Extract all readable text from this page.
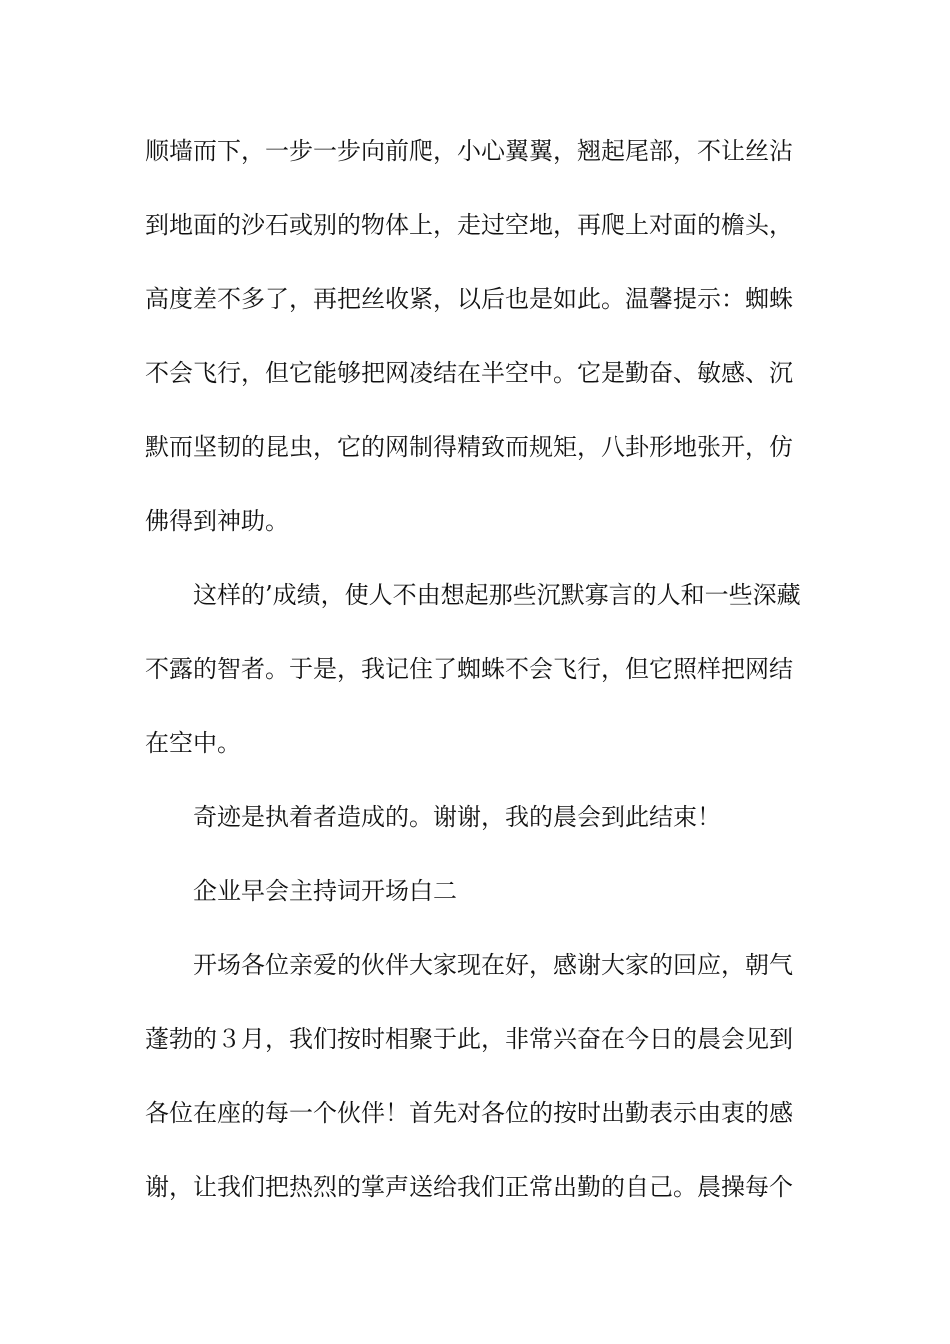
顺墙而下，一步一步向前爬，小心翼翼，翘起尾部，不让丝沾
到地面的沙石或别的物体上，走过空地，再爬上对面的檐头，
高度差不多了，再把丝收紧，以后也是如此。温馨提示：蜘蛛
不会飞行，但它能够把网凌结在半空中。它是勤奋、敏感、沉
默而坚韧的昆虫，它的网制得精致而规矩，八卦形地张开，仿
佛得到神助。
这样的’成绩，使人不由想起那些沉默寡言的人和一些深藏
不露的智者。于是，我记住了蜘蛛不会飞行，但它照样把网结
在空中。
奇迹是执着者造成的。谢谢，我的晨会到此结束！
企业早会主持词开场白二
开场各位亲爱的伙伴大家现在好，感谢大家的回应，朝气
蓬勃的３月，我们按时相聚于此，非常兴奋在今日的晨会见到
各位在座的每一个伙伴！首先对各位的按时出勤表示由衷的感
谢，让我们把热烈的掌声送给我们正常出勤的自己。晨操每个
